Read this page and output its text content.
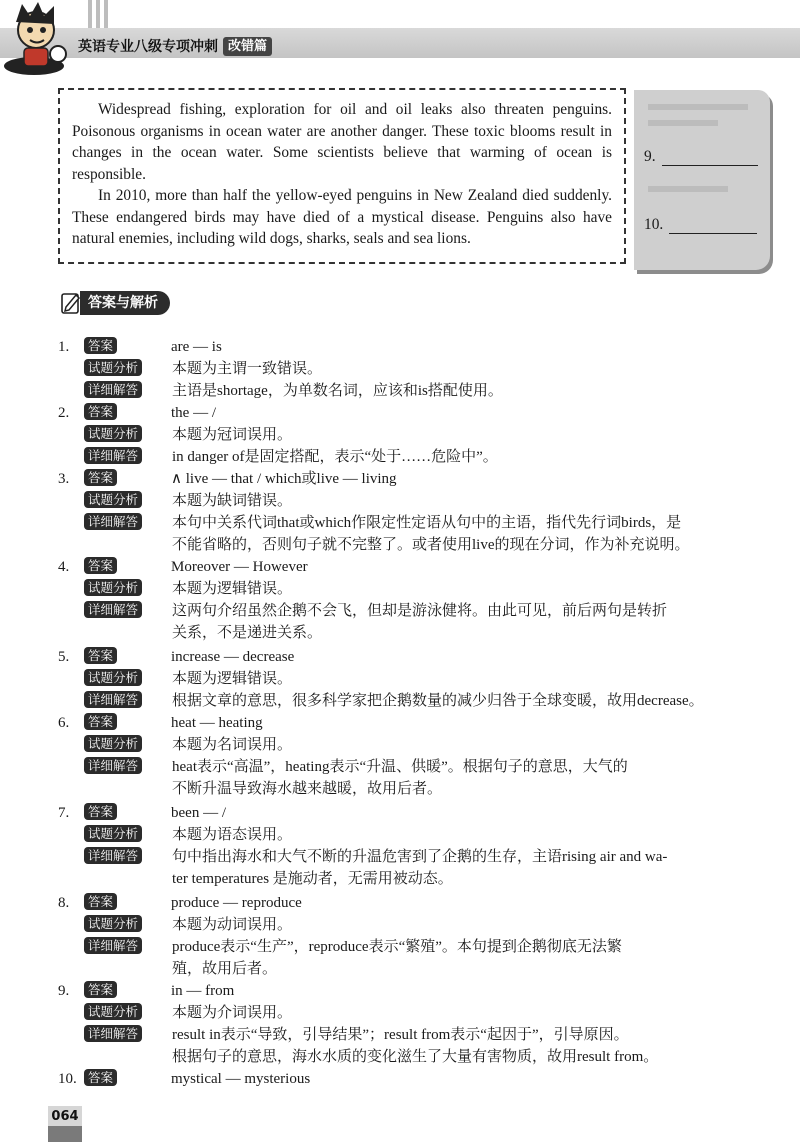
英语专业八级专项冲刺 改错篇

Widespread fishing, exploration for oil and oil leaks also threaten penguins. Poisonous organisms in ocean water are another danger. These toxic blooms result in changes in the ocean water. Some scientists believe that warming of ocean is responsible.

In 2010, more than half the yellow-eyed penguins in New Zealand died suddenly. These endangered birds may have died of a mystical disease. Penguins also have natural enemies, including wild dogs, sharks, seals and sea lions.

9.
10.
答案与解析
1. 答案	are — is
试题分析 本题为主谓一致错误。
详细解答 主语是shortage，为单数名词，应该和is搭配使用。
2. 答案	the — /
试题分析 本题为冠词误用。
详细解答 in danger of是固定搭配，表示“处于……危险中”。
3. 答案	∧ live — that / which或live — living
试题分析 本题为缺词错误。
详细解答 本句中关系代词that或which作限定性定语从句中的主语，指代先行词birds，是
不能省略的，否则句子就不完整了。或者使用live的现在分词，作为补充说明。
4. 答案	Moreover — However
试题分析 本题为逻辑错误。
详细解答 这两句介绍虽然企鹅不会飞，但却是游泳健将。由此可见，前后两句是转折
关系，不是递进关系。
5. 答案	increase — decrease
试题分析 本题为逻辑错误。
详细解答 根据文章的意思，很多科学家把企鹅数量的减少归咎于全球变暖，故用decrease。
6. 答案	heat — heating
试题分析 本题为名词误用。
详细解答 heat表示“高温”，heating表示“升温、供暖”。根据句子的意思，大气的
不断升温导致海水越来越暖，故用后者。
7. 答案	been — /
试题分析 本题为语态误用。
详细解答 句中指出海水和大气不断的升温危害到了企鹅的生存，主语rising air and wa-
ter temperatures 是施动者，无需用被动态。
8. 答案	produce — reproduce
试题分析 本题为动词误用。
详细解答 produce表示“生产”，reproduce表示“繁殖”。本句提到企鹅彻底无法繁
殖，故用后者。
9. 答案	in — from
试题分析 本题为介词误用。
详细解答 result in表示“导致，引导结果”；result from表示“起因于”，引导原因。
根据句子的意思，海水水质的变化滋生了大量有害物质，故用result from。
10. 答案	mystical — mysterious
064
